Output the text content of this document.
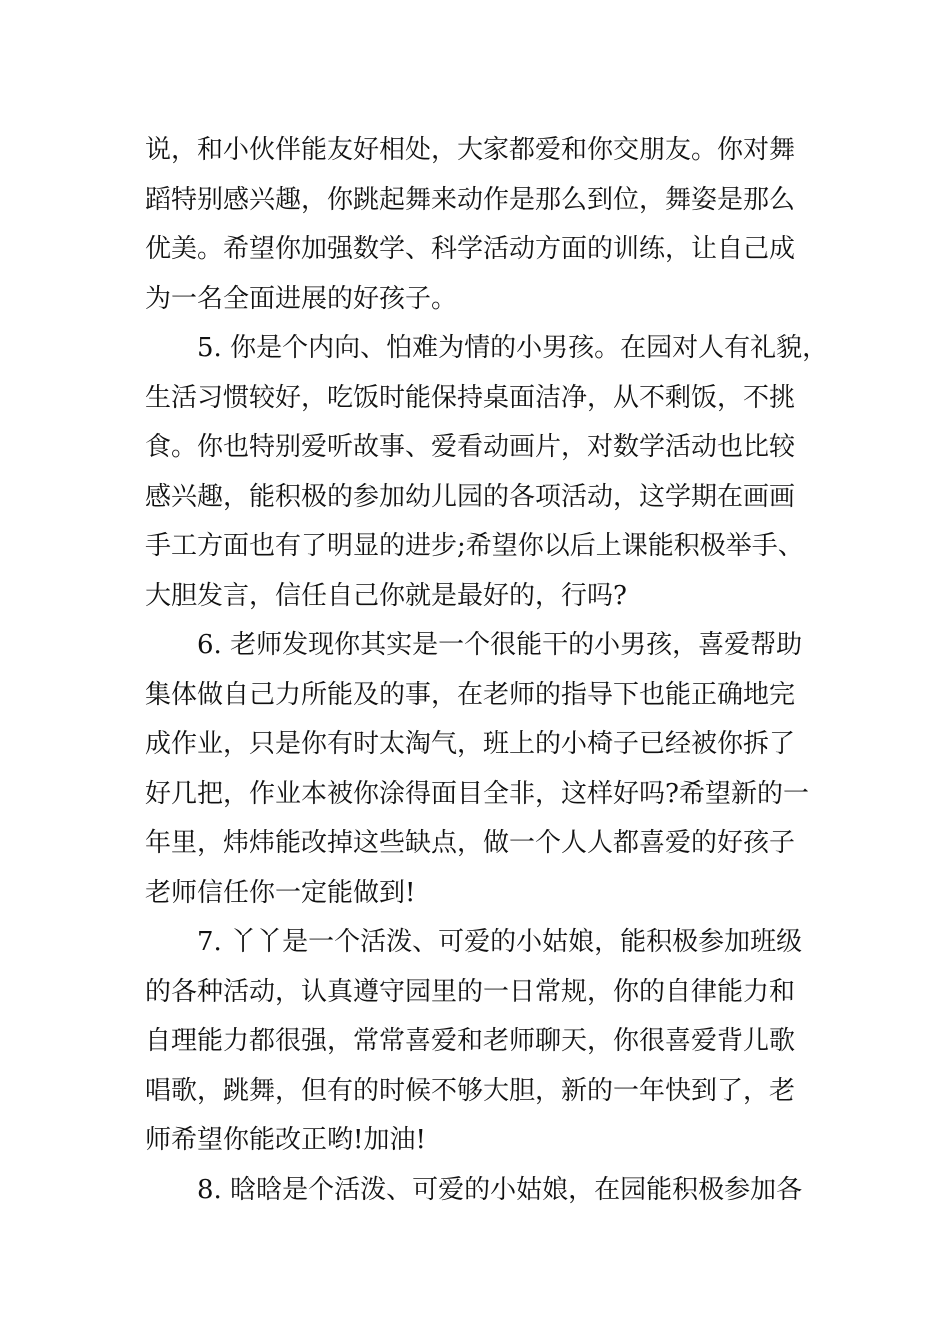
说，和小伙伴能友好相处，大家都爱和你交朋友。你对舞
蹈特别感兴趣，你跳起舞来动作是那么到位，舞姿是那么
优美。希望你加强数学、科学活动方面的训练，让自己成
为一名全面进展的好孩子。
5. 你是个内向、怕难为情的小男孩。在园对人有礼貌，
生活习惯较好，吃饭时能保持桌面洁净，从不剩饭，不挑
食。你也特别爱听故事、爱看动画片，对数学活动也比较
感兴趣，能积极的参加幼儿园的各项活动，这学期在画画
手工方面也有了明显的进步;希望你以后上课能积极举手、
大胆发言，信任自己你就是最好的，行吗?
6. 老师发现你其实是一个很能干的小男孩，喜爱帮助
集体做自己力所能及的事，在老师的指导下也能正确地完
成作业，只是你有时太淘气，班上的小椅子已经被你拆了
好几把，作业本被你涂得面目全非，这样好吗?希望新的一
年里，炜炜能改掉这些缺点，做一个人人都喜爱的好孩子
老师信任你一定能做到!
7. 丫丫是一个活泼、可爱的小姑娘，能积极参加班级
的各种活动，认真遵守园里的一日常规，你的自律能力和
自理能力都很强，常常喜爱和老师聊天，你很喜爱背儿歌
唱歌，跳舞，但有的时候不够大胆，新的一年快到了，老
师希望你能改正哟!加油!
8. 晗晗是个活泼、可爱的小姑娘，在园能积极参加各
